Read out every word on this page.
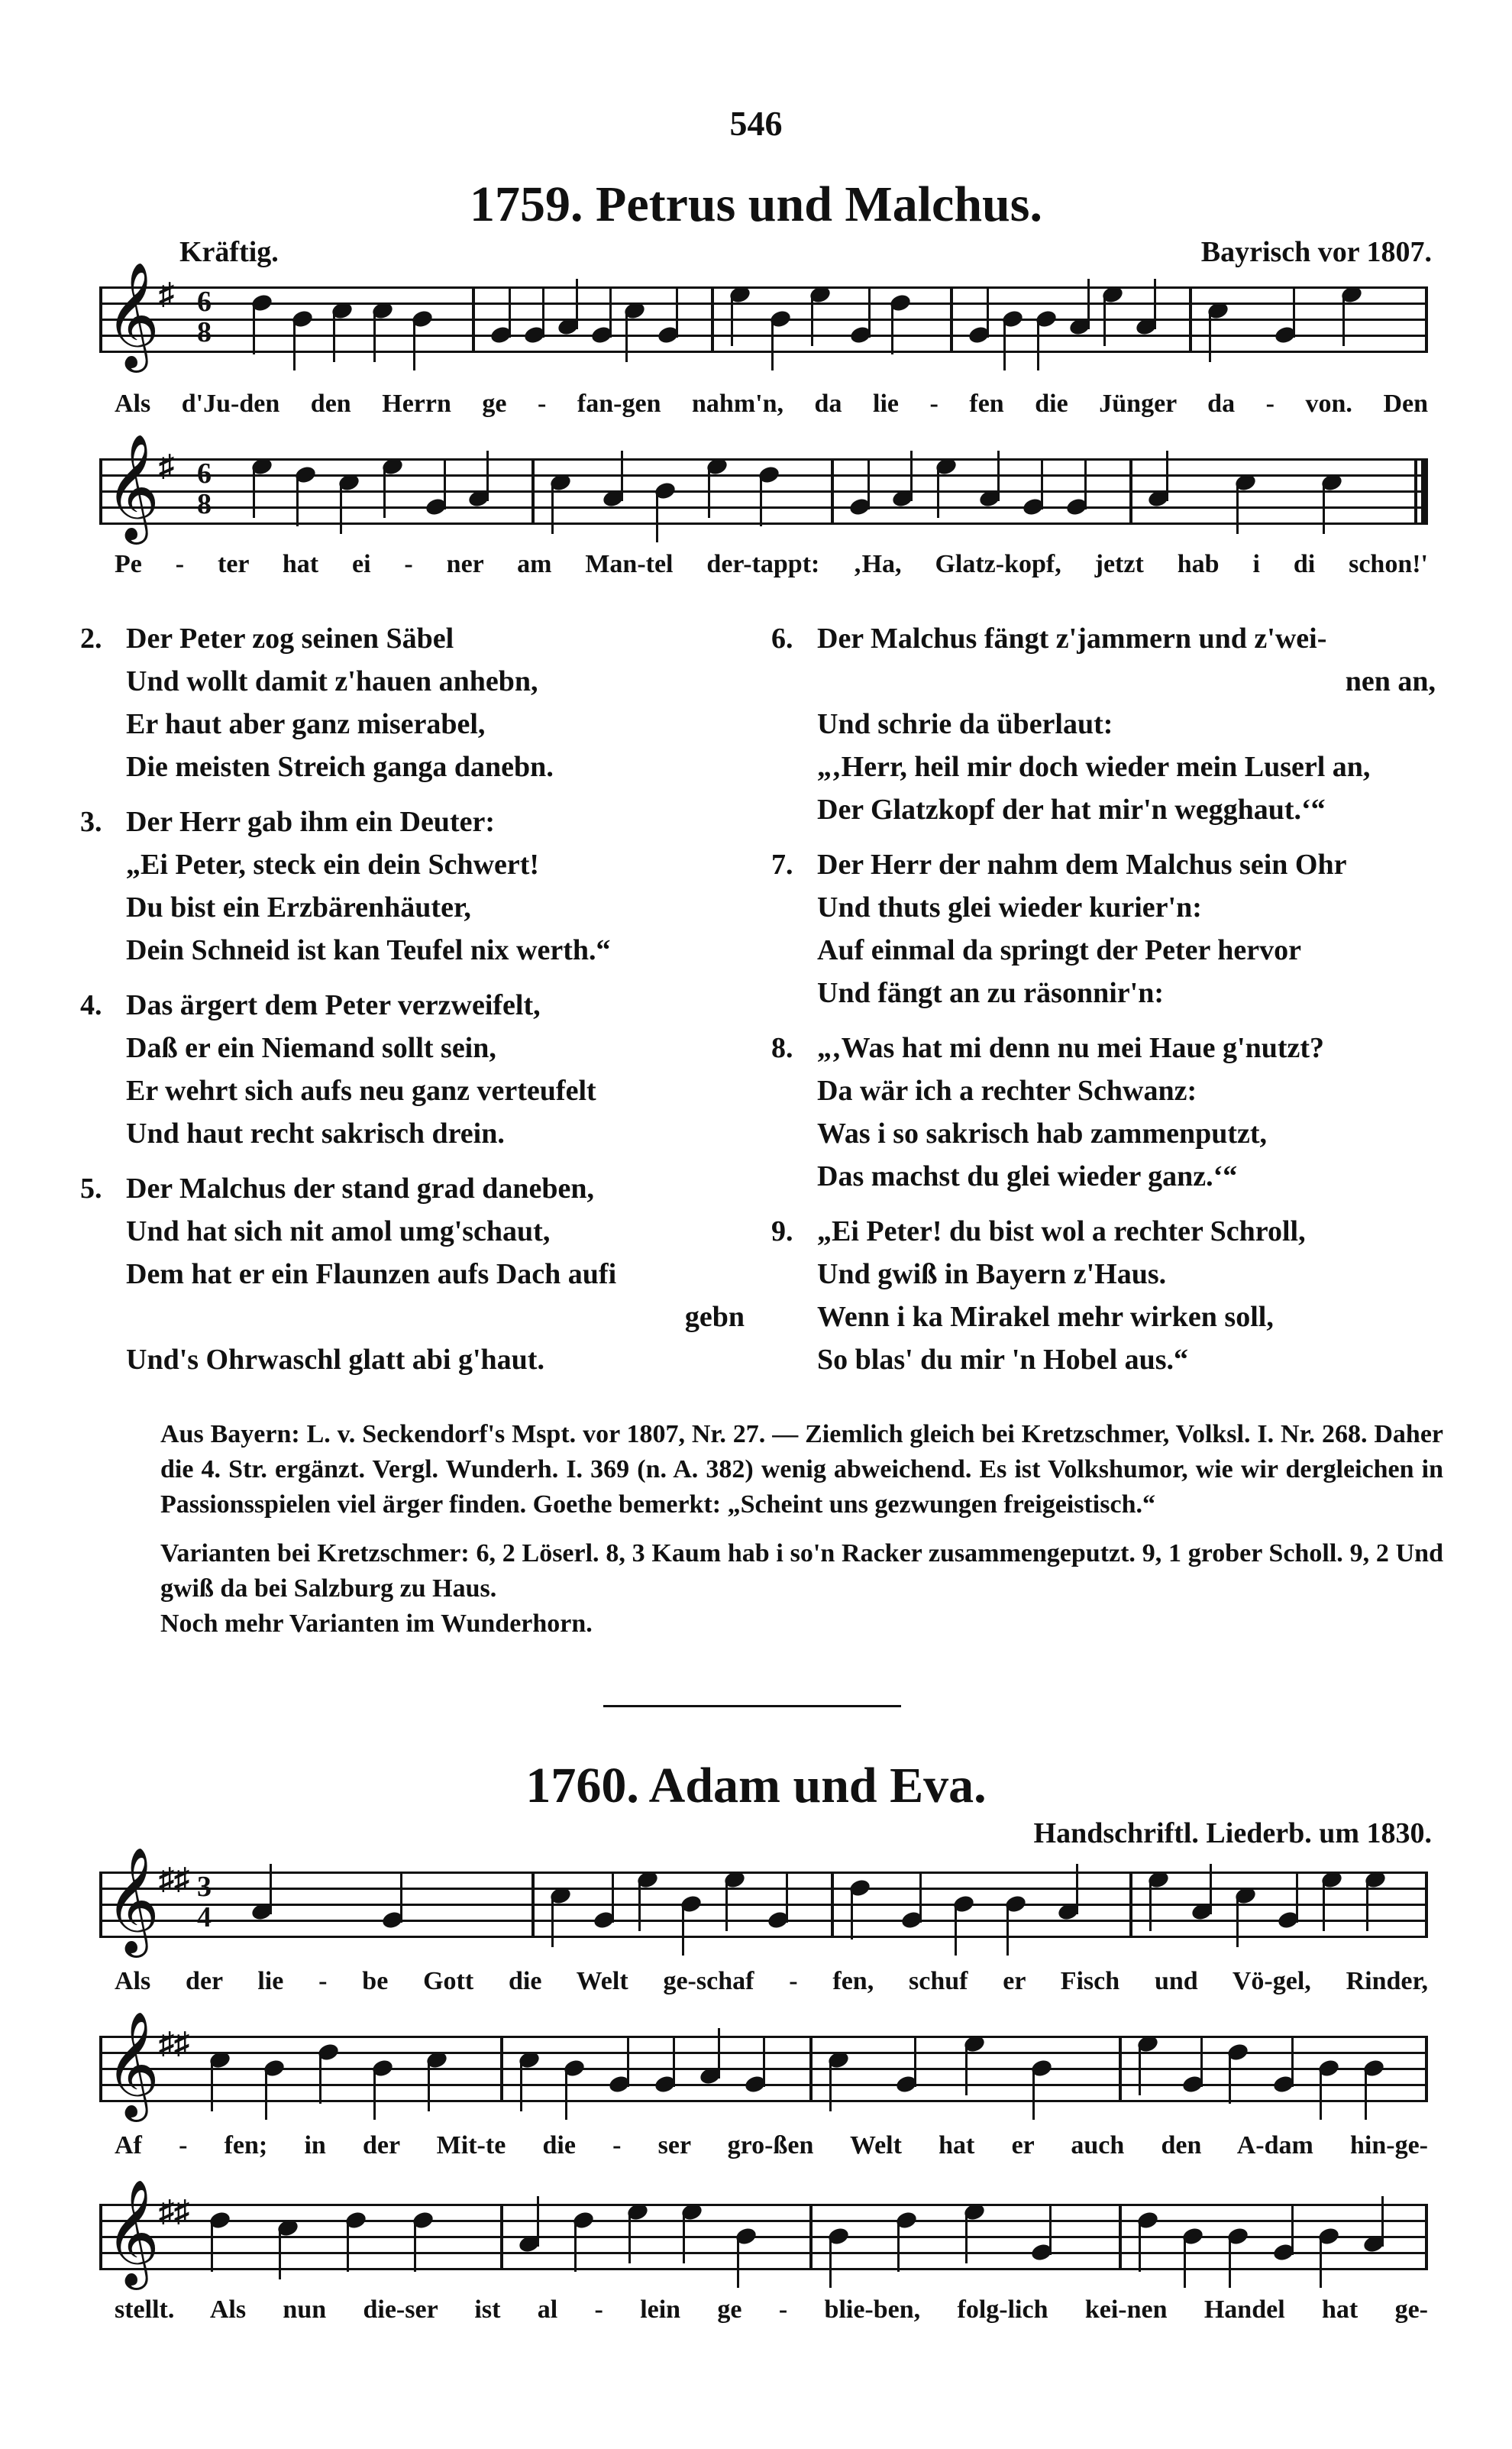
546
1759. Petrus und Malchus.
Kräftig.	Bayrisch vor 1807.
𝄞 ♯ 6
8
Als d'Ju-den den Herrn ge - fan-gen nahm'n, da lie - fen die Jünger da - von. Den
𝄞 ♯ 6
8
Pe - ter hat ei - ner am Man-tel der-tappt: ‚Ha, Glatz-kopf, jetzt hab i di schon!'
2. Der Peter zog seinen Säbel
Und wollt damit z'hauen anhebn,
Er haut aber ganz miserabel,
Die meisten Streich ganga danebn.
3. Der Herr gab ihm ein Deuter:
„Ei Peter, steck ein dein Schwert!
Du bist ein Erzbärenhäuter,
Dein Schneid ist kan Teufel nix werth.“
4. Das ärgert dem Peter verzweifelt,
Daß er ein Niemand sollt sein,
Er wehrt sich aufs neu ganz verteufelt
Und haut recht sakrisch drein.
5. Der Malchus der stand grad daneben,
Und hat sich nit amol umg'schaut,
Dem hat er ein Flaunzen aufs Dach aufi
gebn
Und's Ohrwaschl glatt abi g'haut.
6. Der Malchus fängt z'jammern und z'wei-
nen an,
Und schrie da überlaut:
„‚Herr, heil mir doch wieder mein Luserl an,
Der Glatzkopf der hat mir'n wegghaut.‘“
7. Der Herr der nahm dem Malchus sein Ohr
Und thuts glei wieder kurier'n:
Auf einmal da springt der Peter hervor
Und fängt an zu räsonnir'n:
8. „‚Was hat mi denn nu mei Haue g'nutzt?
Da wär ich a rechter Schwanz:
Was i so sakrisch hab zammenputzt,
Das machst du glei wieder ganz.‘“
9. „Ei Peter! du bist wol a rechter Schroll,
Und gwiß in Bayern z'Haus.
Wenn i ka Mirakel mehr wirken soll,
So blas' du mir 'n Hobel aus.“

Aus Bayern: L. v. Seckendorf's Mspt. vor 1807, Nr. 27. — Ziemlich gleich bei Kretzschmer, Volksl. I. Nr. 268. Daher die 4. Str. ergänzt. Vergl. Wunderh. I. 369 (n. A. 382) wenig abweichend. Es ist Volkshumor, wie wir dergleichen in Passionsspielen viel ärger finden. Goethe bemerkt: „Scheint uns gezwungen freigeistisch.“

Varianten bei Kretzschmer: 6, 2 Löserl. 8, 3 Kaum hab i so'n Racker zusammengeputzt. 9, 1 grober Scholl. 9, 2 Und gwiß da bei Salzburg zu Haus.

Noch mehr Varianten im Wunderhorn.

1760. Adam und Eva.
Handschriftl. Liederb. um 1830.
𝄞 ♯♯ 3
4
Als der lie - be Gott die Welt ge-schaf - fen, schuf er Fisch und Vö-gel, Rinder,
𝄞 ♯♯
Af - fen; in der Mit-te die - ser gro-ßen Welt hat er auch den A-dam hin-ge-
𝄞 ♯♯
stellt. Als nun die-ser ist al - lein ge - blie-ben, folg-lich kei-nen Handel hat ge-
